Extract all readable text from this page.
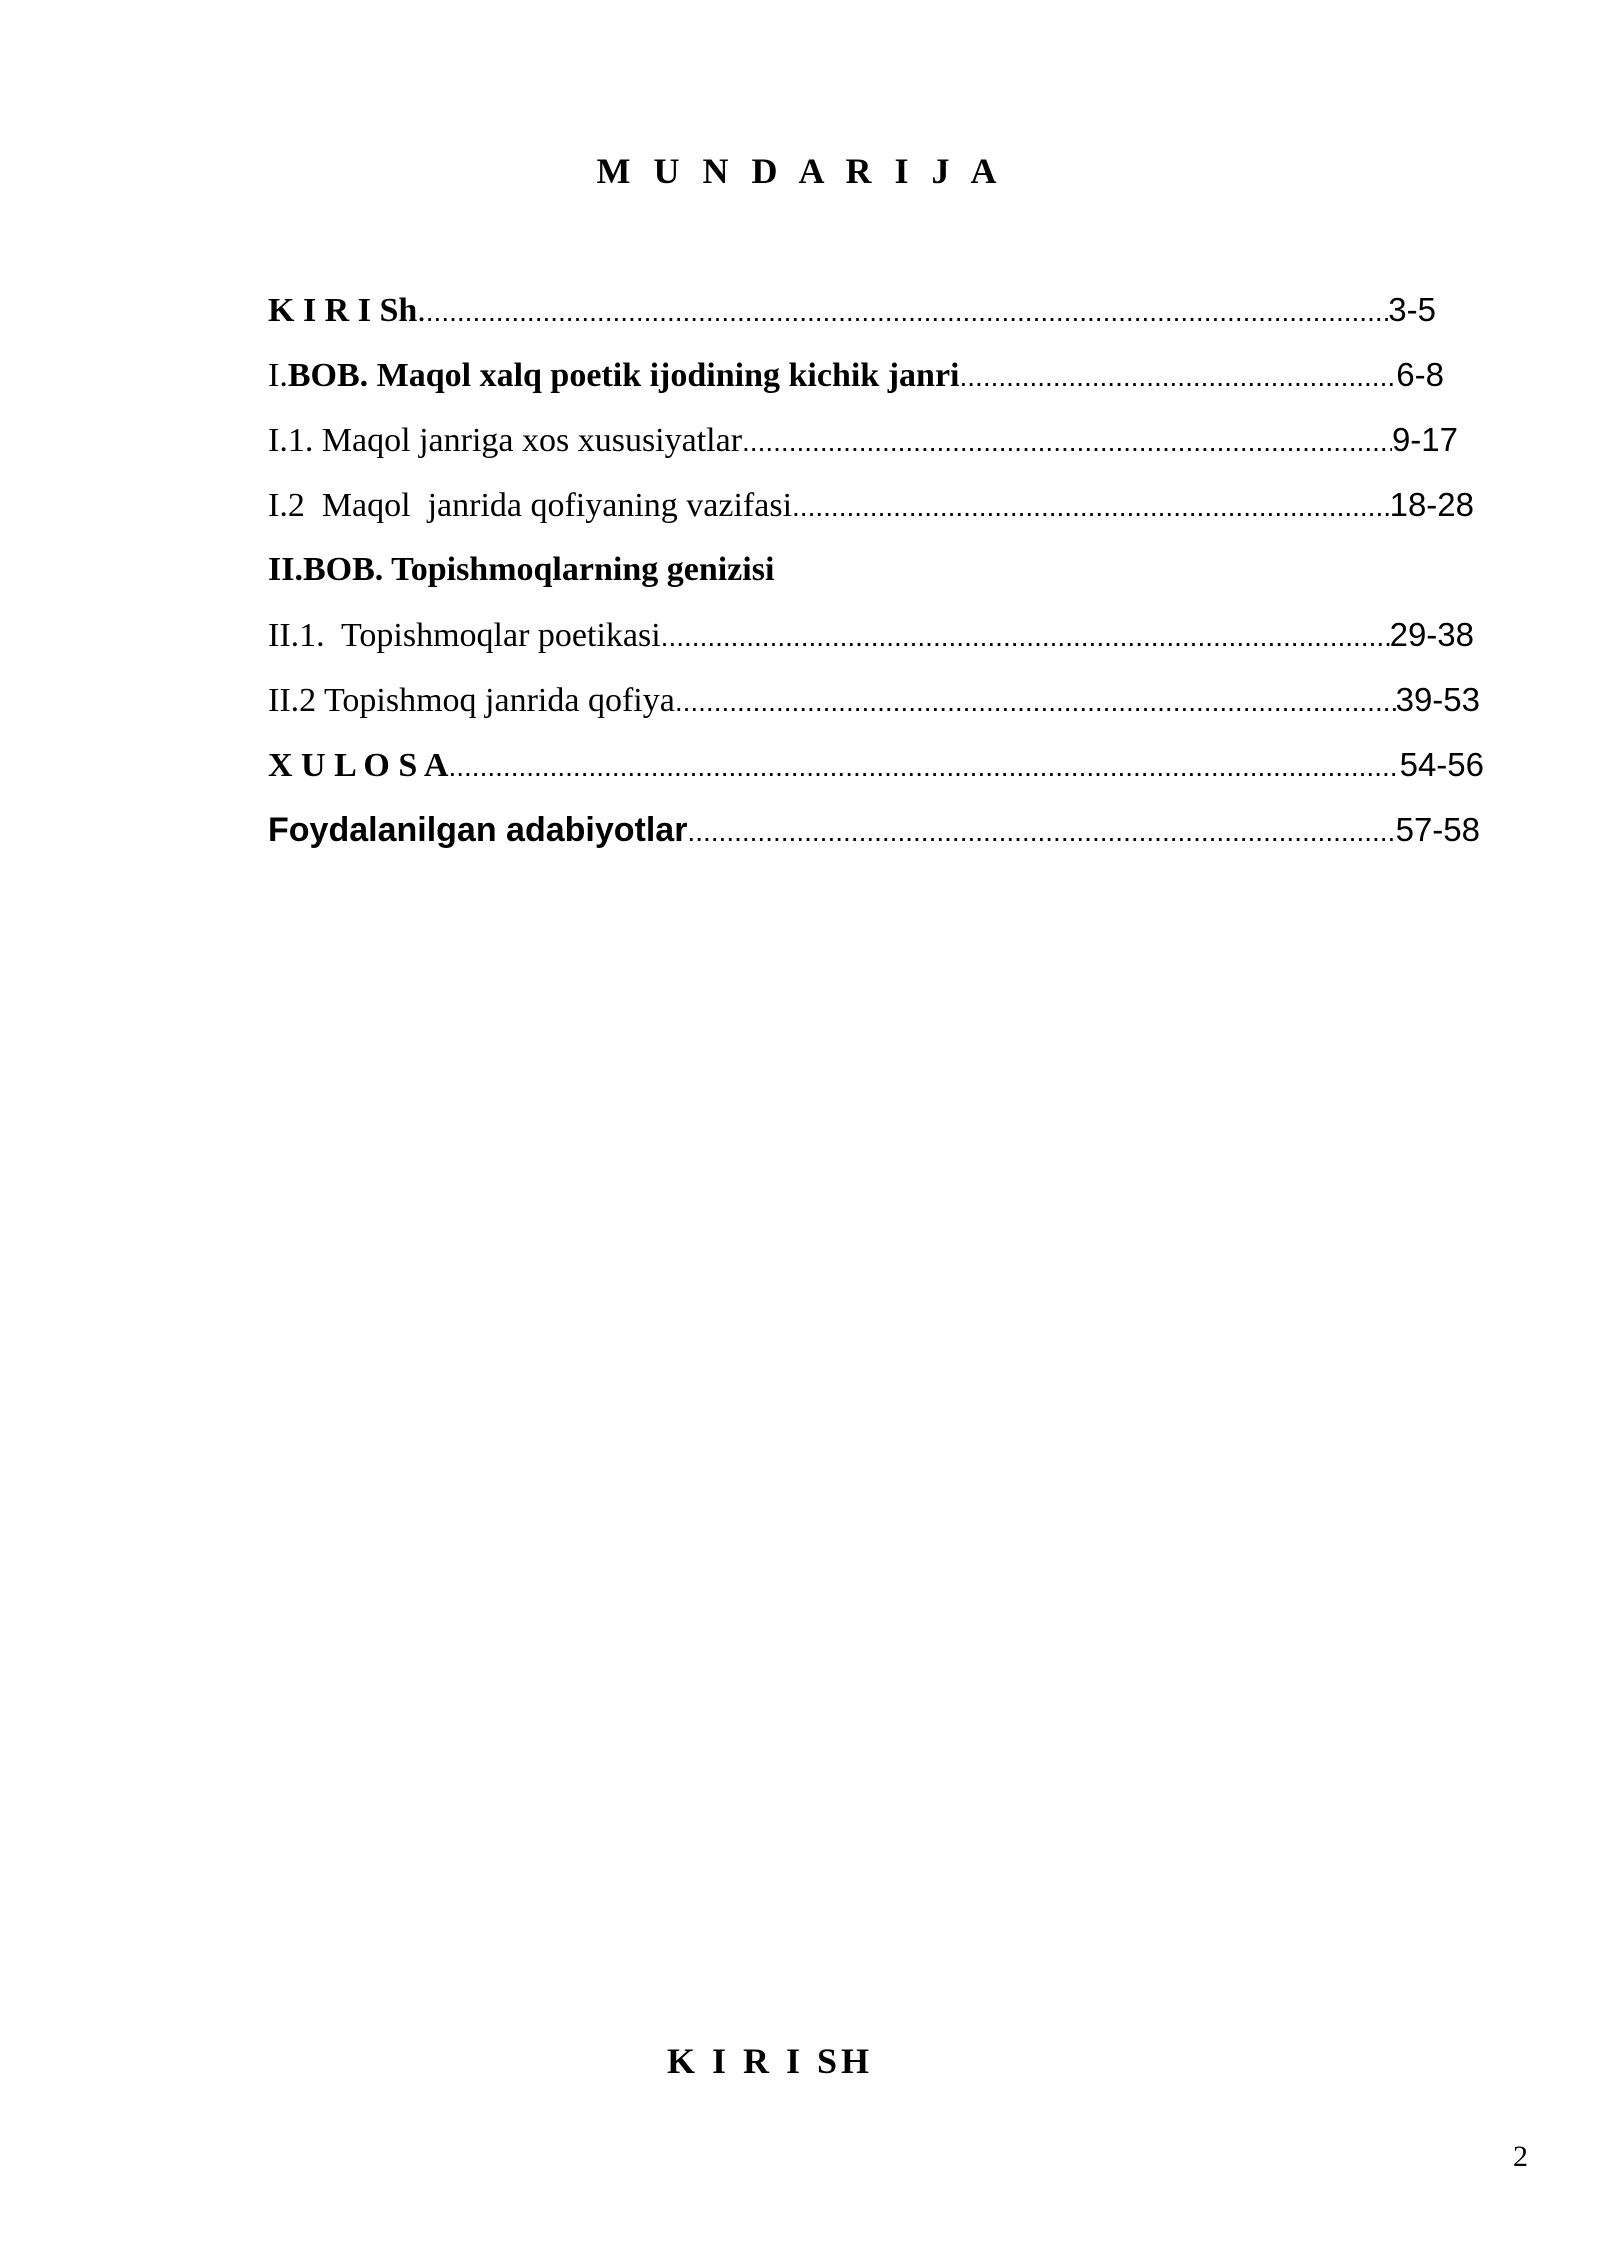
M U N D A R I J A
K I R I Sh. .....	3-5
I.BOB. Maqol xalq poetik ijodining kichik janri .....	6-8
I.1. Maqol janriga xos xususiyatlar .....	9-17
I.2  Maqol  janrida qofiyaning vazifasi .....	18-28
II.BOB. Topishmoqlarning genizisi
II.1.  Topishmoqlar poetikasi .....	29-38
II.2 Topishmoq janrida qofiya .....	39-53
X U L O S A .....	54-56
Foydalanilgan adabiyotlar .....	57-58
K I R I SH
2
